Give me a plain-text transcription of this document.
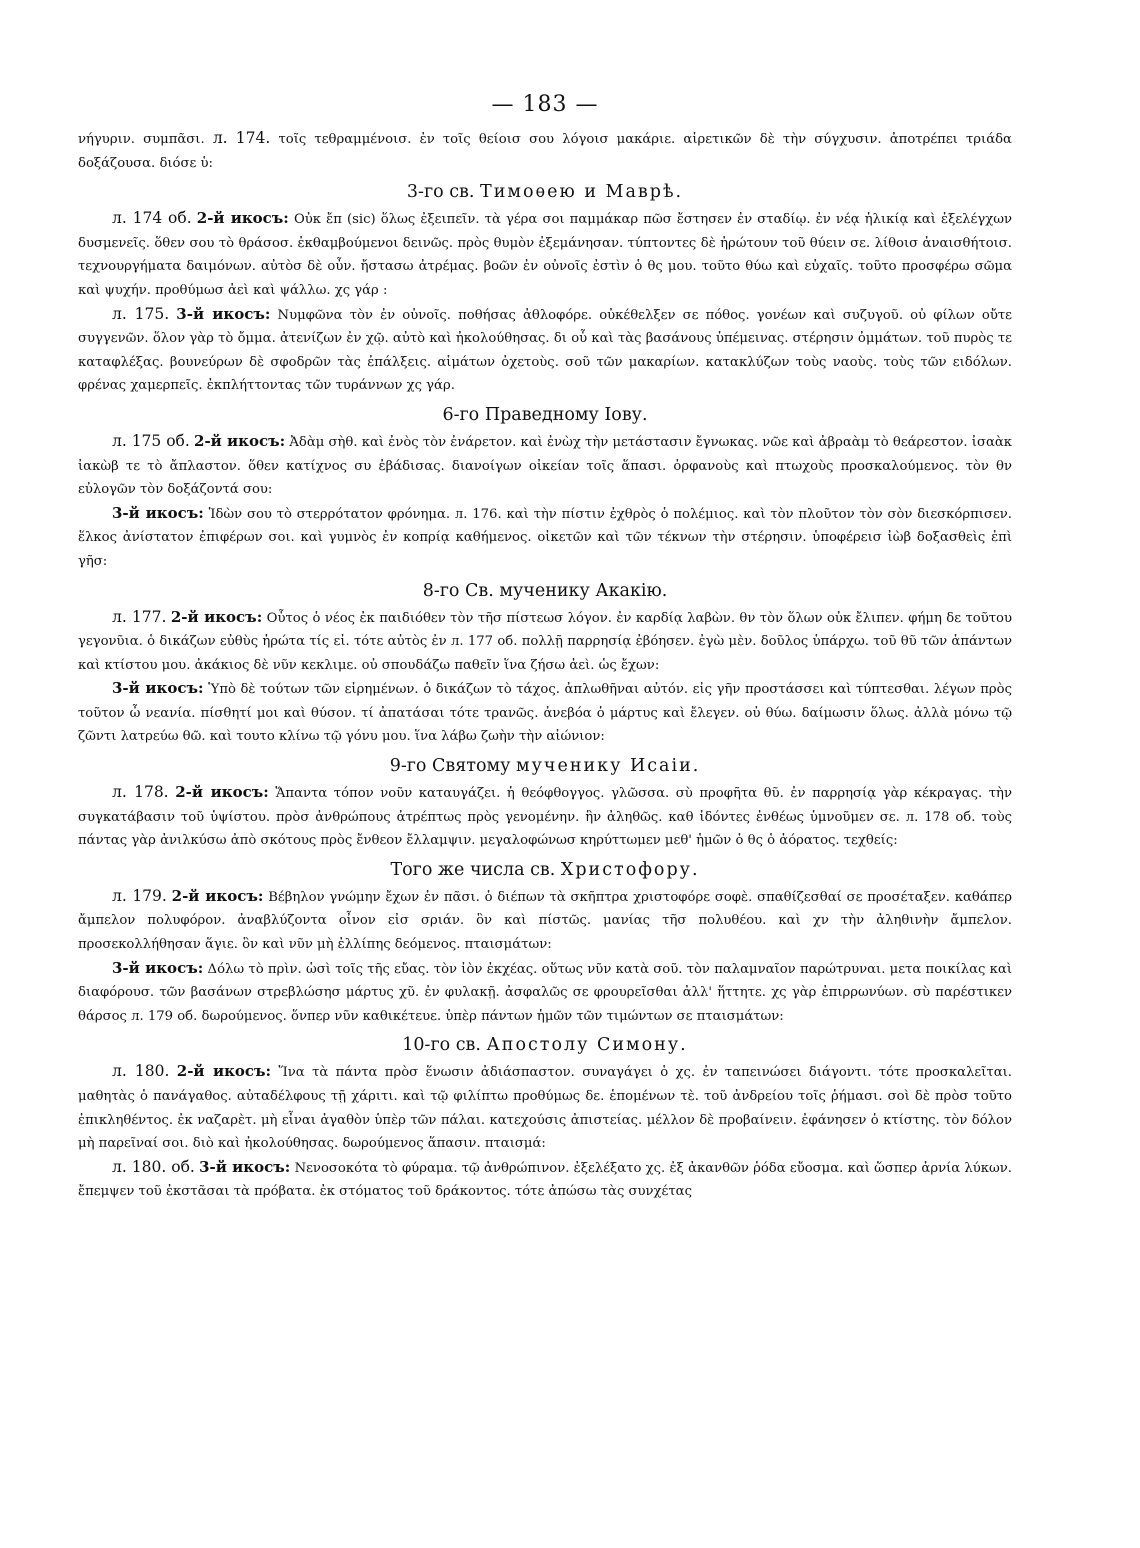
— 183 —

νήγυριν. συμπᾶσι. л. 174. τοῖς τεθραμμένοισ. ἐν τοῖς θείοισ σου λόγοισ μακάριε. αἱρετικῶν δὲ τὴν σύγχυσιν. ἀποτρέπει τριάδα δοξάζουσα. διόσε ὑ:

3-го св. Тимоѳею и Маврѣ.

л. 174 об. 2-й икосъ: Οὐκ ἔπ (sic) ὅλως ἐξειπεῖν. τὰ γέρα σοι παμμάκαρ πῶσ ἔστησεν ἐν σταδίῳ. ἐν νέᾳ ἡλικίᾳ καὶ ἐξελέγχων δυσμενεῖς. ὅθεν σου τὸ θράσοσ. ἐκθαμβούμενοι δεινῶς. πρὸς θυμὸν ἐξεμάνησαν. τύπτοντες δὲ ἠρώτουν τοῦ θύειν σε. λίθοισ ἀναισθήτοισ. τεχνουργήματα δαιμόνων. αὐτὸσ δὲ οὖν. ἤστασω ἀτρέμας. βοῶν ἐν οὐνοῖς ἐστὶν ὁ θς μου. τοῦτο θύω καὶ εὐχαῖς. τοῦτο προσφέρω σῶμα καὶ ψυχήν. προθύμωσ ἀεὶ καὶ ψάλλω. χς γάρ :

л. 175. 3-й икосъ: Νυμφῶνα τὸν ἐν οὐνοῖς. ποθήσας ἀθλοφόρε. οὐκέθελξεν σε πόθος. γονέων καὶ συζυγοῦ. οὐ φίλων οὔτε συγγενῶν. ὅλον γὰρ τὸ ὄμμα. ἀτενίζων ἐν χῷ. αὐτὸ καὶ ἠκολούθησας. δι οὗ καὶ τὰς βασάνους ὑπέμεινας. στέρησιν ὀμμάτων. τοῦ πυρὸς τε καταφλέξας. βουνεύρων δὲ σφοδρῶν τὰς ἐπάλξεις. αἱμάτων ὀχετοὺς. σοῦ τῶν μακαρίων. κατακλύζων τοὺς ναοὺς. τοὺς τῶν ειδόλων. φρένας χαμερπεῖς. ἐκπλήττοντας τῶν τυράννων χς γάρ.

6-го Праведному Іову.

л. 175 об. 2-й икосъ: Ἀδὰμ σὴθ. καὶ ἐνὸς τὸν ἐνάρετον. καὶ ἐνὼχ τὴν μετάστασιν ἔγνωκας. νῶε καὶ ἀβραὰμ τὸ θεάρεστον. ἰσαὰκ ἰακὼβ τε τὸ ἄπλαστον. ὅθεν κατίχνος συ ἐβάδισας. διανοίγων οἰκείαν τοῖς ἅπασι. ὀρφανοὺς καὶ πτωχοὺς προσκαλούμενος. τὸν θν εὐλογῶν τὸν δοξάζοντά σου:

3-й икосъ: Ἰδὼν σου τὸ στερρότατον φρόνημα. л. 176. καὶ τὴν πίστιν ἐχθρὸς ὁ πολέμιος. καὶ τὸν πλοῦτον τὸν σὸν διεσκόρπισεν. ἕλκος ἀνίστατον ἐπιφέρων σοι. καὶ γυμνὸς ἐν κοπρίᾳ καθήμενος. οἰκετῶν καὶ τῶν τέκνων τὴν στέρησιν. ὑποφέρεισ ἰὼβ δοξασθεὶς ἐπὶ γῆσ:

8-го Св. мученику Акакію.

л. 177. 2-й икосъ: Οὗτος ὁ νέος ἐκ παιδιόθεν τὸν τῆσ πίστεωσ λόγον. ἐν καρδίᾳ λαβὼν. θν τὸν ὅλων οὐκ ἔλιπεν. φήμη δε τοῦτου γεγονῦια. ὁ δικάζων εὐθὺς ἠρώτα τίς εἰ. τότε αὐτὸς ἐν л. 177 об. πολλῇ παρρησίᾳ ἐβόησεν. ἐγὼ μὲν. δοῦλος ὑπάρχω. τοῦ θῦ τῶν ἁπάντων καὶ κτίστου μου. ἀκάκιος δὲ νῦν κεκλιμε. οὐ σπουδάζω παθεῖν ἵνα ζήσω ἀεὶ. ὡς ἔχων:

3-й икосъ: Ὑπὸ δὲ τούτων τῶν εἰρημένων. ὁ δικάζων τὸ τάχος. ἀπλωθῆναι αὐτόν. εἰς γῆν προστάσσει καὶ τύπτεσθαι. λέγων πρὸς τοῦτον ὦ νεανία. πίσθητί μοι καὶ θύσον. τί ἀπατάσαι τότε τρανῶς. ἀνεβόα ὁ μάρτυς καὶ ἔλεγεν. οὐ θύω. δαίμωσιν ὅλως. ἀλλὰ μόνω τῷ ζῶντι λατρεύω θῶ. καὶ τουτο κλίνω τῷ γόνυ μου. ἵνα λάβω ζωὴν τὴν αἰώνιον:

9-го Святому мученику Исаіи.

л. 178. 2-й икосъ: Ἅπαντα τόπον νοῦν καταυγάζει. ἡ θεόφθογγος. γλῶσσα. σὺ προφῆτα θῦ. ἐν παρρησίᾳ γὰρ κέκραγας. τὴν συγκατάβασιν τοῦ ὑψίστου. πρὸσ ἀνθρώπους ἀτρέπτως πρὸς γενομένην. ἣν ἀληθῶς. καθ ἰδόντες ἐνθέως ὑμνοῦμεν σε. л. 178 об. τοὺς πάντας γὰρ ἀνιλκύσω ἀπὸ σκότους πρὸς ἔνθεον ἔλλαμψιν. μεγαλοφώνωσ κηρύττωμεν μεθ' ἡμῶν ὁ θς ὁ ἀόρατος. τεχθείς:

Того же числа св. Христофору.

л. 179. 2-й икосъ: Βέβηλον γνώμην ἔχων ἐν πᾶσι. ὁ διέπων τὰ σκῆπτρα χριστοφόρε σοφὲ. σπαθίζεσθαί σε προσέταξεν. καθάπερ ἄμπελον πολυφόρον. ἀναβλύζοντα οἶνον εἰσ σριάν. ὃν καὶ πίστῶς. μανίας τῆσ πολυθέου. καὶ χν τὴν ἀληθινὴν ἄμπελον. προσεκολλήθησαν ἅγιε. ὃν καὶ νῦν μὴ ἐλλίπης δεόμενος. πταισμάτων:

3-й икосъ: Δόλω τὸ πρὶν. ὡσὶ τοῖς τῆς εὔας. τὸν ἰὸν ἐκχέας. οὕτως νῦν κατὰ σοῦ. τὸν παλαμναῖον παρώτρυναι. μετα ποικίλας καὶ διαφόρουσ. τῶν βασάνων στρεβλώσησ μάρτυς χῦ. ἐν φυλακῇ. ἀσφαλῶς σε φρουρεῖσθαι ἀλλ' ἥττητε. χς γὰρ ἐπιρρωνύων. σὺ παρέστικεν θάρσος л. 179 об. δωρούμενος. ὅνπερ νῦν καθικέτευε. ὑπὲρ πάντων ἡμῶν τῶν τιμώντων σε πταισμάτων:

10-го св. Апостолу Симону.

л. 180. 2-й икосъ: Ἵνα τὰ πάντα πρὸσ ἕνωσιν ἀδιάσπαστον. συναγάγει ὁ χς. ἐν ταπεινώσει διάγοντι. τότε προσκαλεῖται. μαθητὰς ὁ πανάγαθος. αὐταδέλφους τῇ χάριτι. καὶ τῷ φιλίπτω προθύμως δε. ἑπομένων τὲ. τοῦ ἀνδρείου τοῖς ῥήμασι. σοὶ δὲ πρὸσ τοῦτο ἐπικληθέντος. ἐκ ναζαρὲτ. μὴ εἶναι ἀγαθὸν ὑπὲρ τῶν πάλαι. κατεχούσις ἀπιστείας. μέλλον δὲ προβαίνειν. ἐφάνησεν ὁ κτίστης. τὸν δόλον μὴ παρεῖναί σοι. διὸ καὶ ἠκολούθησας. δωρούμενος ἅπασιν. πταισμά:

л. 180. об. 3-й икосъ: Νενοσοκότα τὸ φύραμα. τῷ ἀνθρώπινον. ἐξελέξατο χς. ἐξ ἀκανθῶν ῥόδα εὔοσμα. καὶ ὥσπερ ἀρνία λύκων. ἔπεμψεν τοῦ ἐκστᾶσαι τὰ πρόβατα. ἐκ στόματος τοῦ δράκοντος. τότε ἀπώσω τὰς συνχέτας
